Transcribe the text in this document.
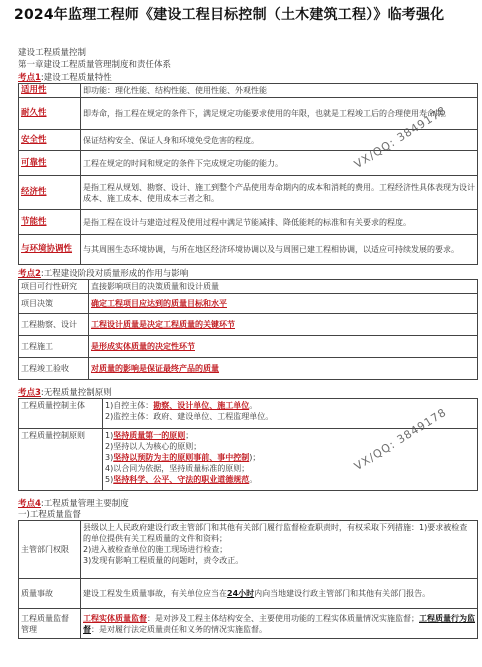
2024年监理工程师《建设工程目标控制（土木建筑工程）》临考强化
建设工程质量控制
第一章建设工程质量管理制度和责任体系
考点1:建设工程质量特性
适用性	即功能：理化性能、结构性能、使用性能、外观性能
耐久性	即寿命，指工程在规定的条件下，满足规定功能要求使用的年限，也就是工程竣工后的合理使用寿命期。
安全性	保证结构安全、保证人身和环境免受危害的程度。
可靠性	工程在规定的时间和规定的条件下完成规定功能的能力。
经济性	是指工程从规划、勘察、设计、施工到整个产品使用寿命期内的成本和消耗的费用。工程经济性具体表现为设计成本、施工成本、使用成本三者之和。
节能性	是指工程在设计与建造过程及使用过程中满足节能减排、降低能耗的标准和有关要求的程度。
与环境协调性	与其周围生态环境协调，与所在地区经济环境协调以及与周围已建工程相协调，以适应可持续发展的要求。
考点2:工程建设阶段对质量形成的作用与影响
项目可行性研究	直接影响项目的决策质量和设计质量
项目决策	确定工程项目应达到的质量目标和水平
工程勘察、设计	工程设计质量是决定工程质量的关键环节
工程施工	是形成实体质量的决定性环节
工程竣工验收	对质量的影响是保证最终产品的质量
考点3:无程质量控制原则
工程质量控制主体	1)自控主体：勘察、设计单位、施工单位。
2)监控主体：政府、建设单位、工程监理单位。

工程质量控制原则	1)坚持质量第一的原则；
2)坚持以人为核心的原则；
3)坚持以预防为主的原则事前、事中控制)；
4)以合同为依据，坚持质量标准的原则；
5)坚持科学、公平、守法的职业道德规范。
考点4:工程质量管理主要制度
一)工程质量监督
主管部门权限	县级以上人民政府建设行政主管部门和其他有关部门履行监督检查职责时，有权采取下列措施：1)要求被检查的单位提供有关工程质量的文件和资料；
2)进入被检查单位的施工现场进行检查；
3)发现有影响工程质量的问题时，责令改正。

质量事故	建设工程发生质量事故，有关单位应当在24小时内向当地建设行政主管部门和其他有关部门报告。

工程质量监督
管理	工程实体质量监督：是对涉及工程主体结构安全、主要使用功能的工程实体质量情况实施监督；工程质量行为监督：是对履行法定质量责任和义务的情况实施监督。
VX/QQ: 3849178
VX/QQ: 3849178
